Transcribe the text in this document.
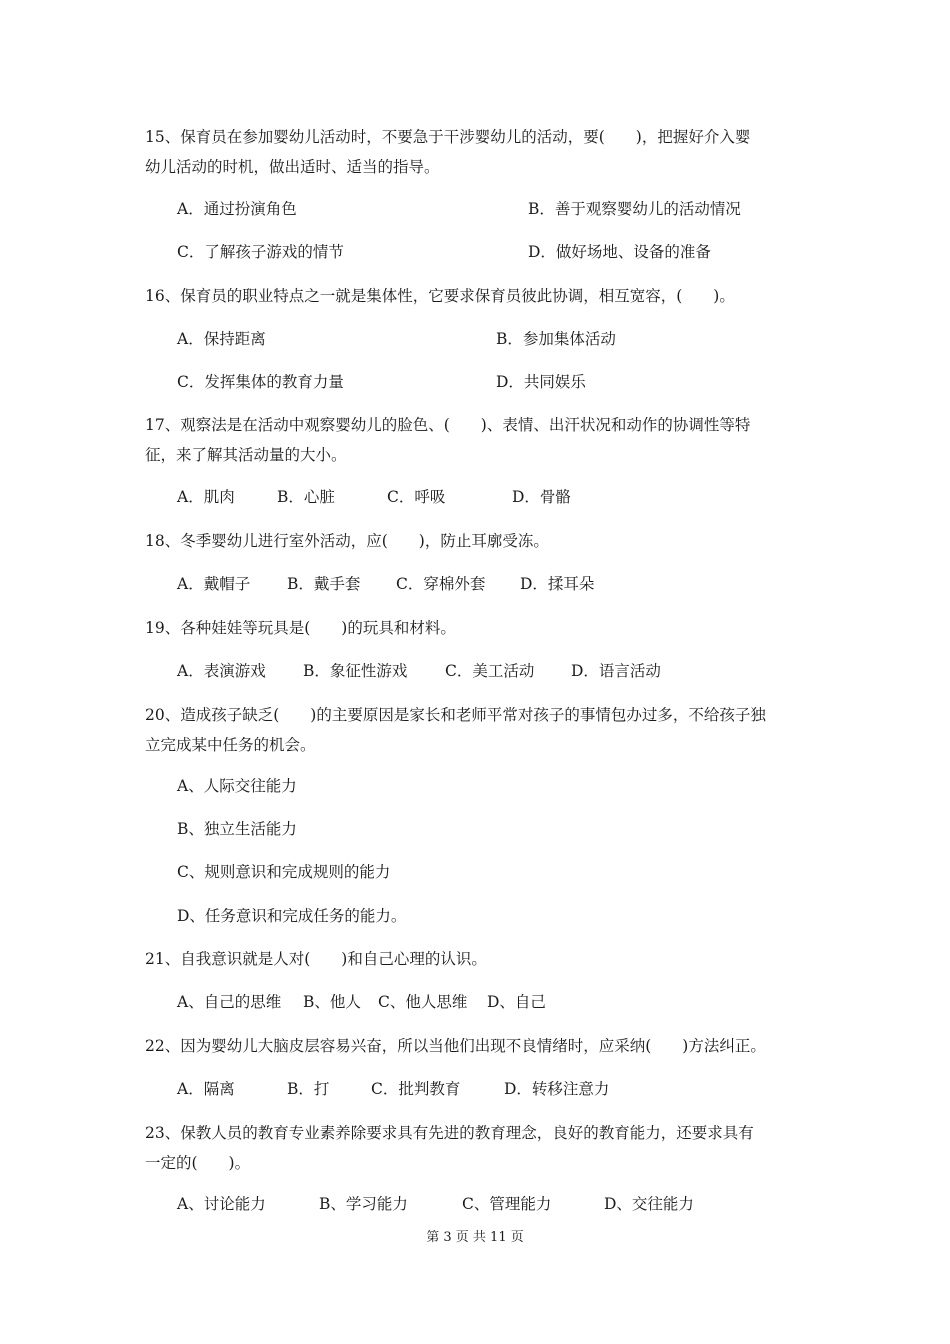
15、保育员在参加婴幼儿活动时，不要急于干涉婴幼儿的活动，要(　　)，把握好介入婴
幼儿活动的时机，做出适时、适当的指导。
A．通过扮演角色	B．善于观察婴幼儿的活动情况
C．了解孩子游戏的情节	D．做好场地、设备的准备
16、保育员的职业特点之一就是集体性，它要求保育员彼此协调，相互宽容，(　　)。
A．保持距离	B．参加集体活动
C．发挥集体的教育力量	D．共同娱乐
17、观察法是在活动中观察婴幼儿的脸色、(　　)、表情、出汗状况和动作的协调性等特
征，来了解其活动量的大小。
A．肌肉	B．心脏	C．呼吸	D．骨骼
18、冬季婴幼儿进行室外活动，应(　　)，防止耳廓受冻。
A．戴帽子 B．戴手套 C．穿棉外套 D．揉耳朵
19、各种娃娃等玩具是(　　)的玩具和材料。
A．表演游戏 B．象征性游戏 C．美工活动 D．语言活动
20、造成孩子缺乏(　　)的主要原因是家长和老师平常对孩子的事情包办过多，不给孩子独
立完成某中任务的机会。
A、人际交往能力
B、独立生活能力
C、规则意识和完成规则的能力
D、任务意识和完成任务的能力。
21、自我意识就是人对(　　)和自己心理的认识。
A、自己的思维 B、他人 C、他人思维 D、自己
22、因为婴幼儿大脑皮层容易兴奋，所以当他们出现不良情绪时，应采纳(　　)方法纠正。
A．隔离	B．打	C．批判教育	D．转移注意力
23、保教人员的教育专业素养除要求具有先进的教育理念，良好的教育能力，还要求具有
一定的(　　)。
A、讨论能力	B、学习能力	C、管理能力	D、交往能力
第 3 页 共 11 页
